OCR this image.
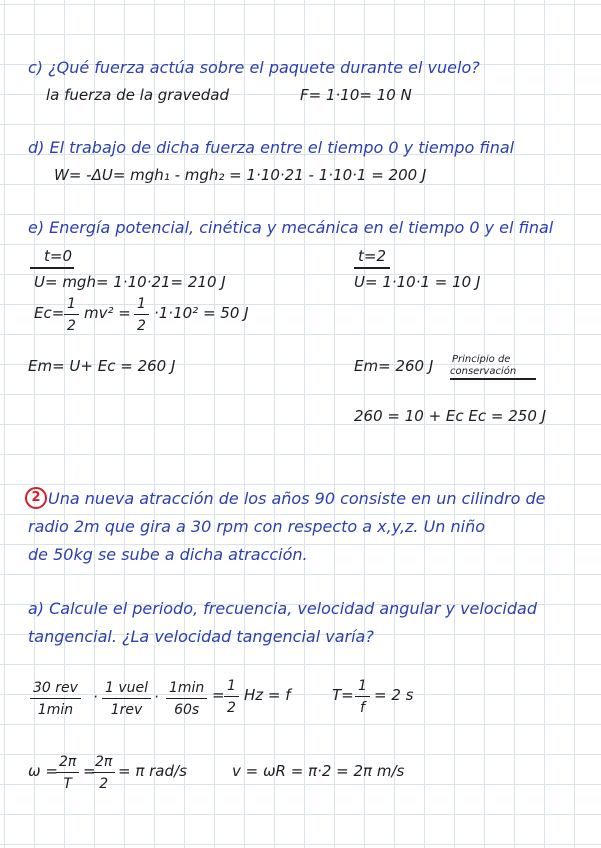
c) ¿Qué fuerza actúa sobre el paquete durante el vuelo?
la fuerza de la gravedad	F= 1·10= 10 N
d) El trabajo de dicha fuerza entre el tiempo 0 y tiempo final
W= -ΔU= mgh₁ - mgh₂ = 1·10·21 - 1·10·1 = 200 J
e) Energía potencial, cinética y mecánica en el tiempo 0 y el final
t=0
U= mgh= 1·10·21= 210 J
$Ec= \frac{1}{2} mv^2 = \frac{1}{2} \cdot 1\cdot 10^2 = 50$ J
Em= U+ Ec = 260 J
t=2
U= 1·10·1 = 10 J
Em= 260 J Principio de
conservación
260 = 10 + Ec Ec = 250 J
2 Una nueva atracción de los años 90 consiste en un cilindro de
radio 2m que gira a 30 rpm con respecto a x,y,z. Un niño
de 50kg se sube a dicha atracción.
a) Calcule el periodo, frecuencia, velocidad angular y velocidad
tangencial. ¿La velocidad tangencial varía?
30 rev
1min
· 1 vuel
1rev
· 1min
60s
= $\frac{1}{2}$ Hz = f	$T= \frac{1}{f} = 2$ s
ω =
$\frac{2\pi}{T}$ =
$\frac{2\pi}{2} = \pi$ rad/s	v = ωR = π·2 = 2π m/s
